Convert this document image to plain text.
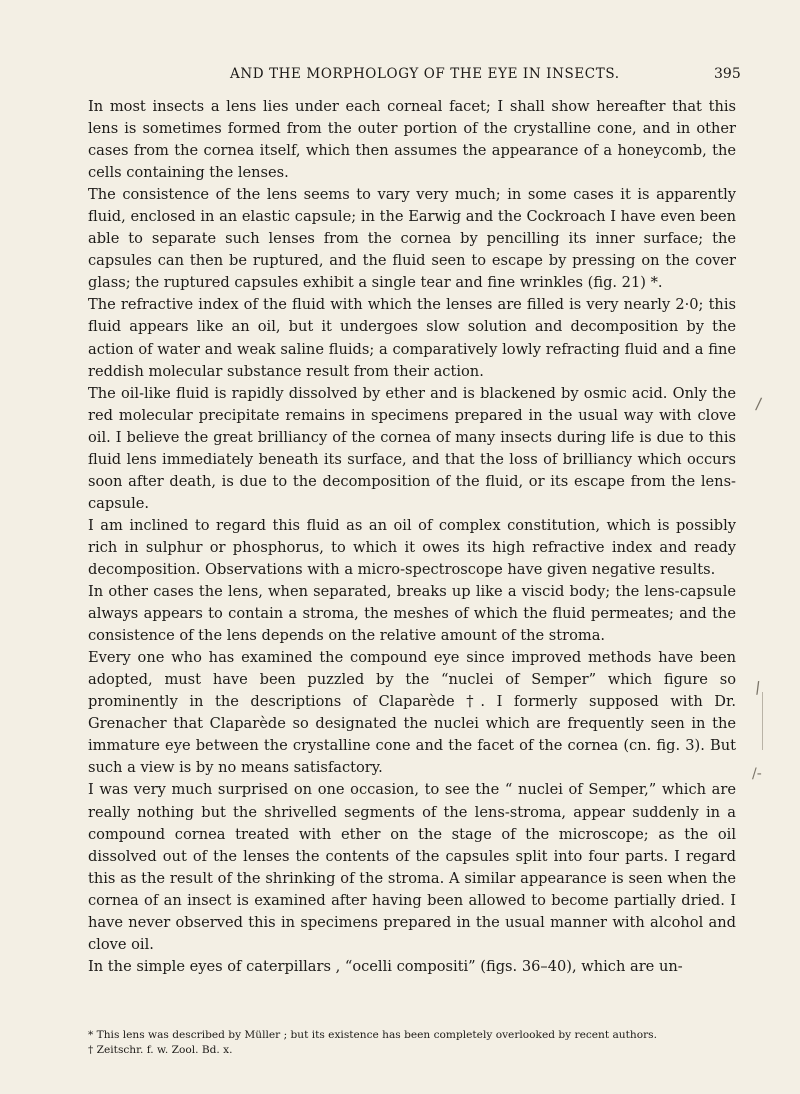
AND THE MORPHOLOGY OF THE EYE IN INSECTS.	395

In most insects a lens lies under each corneal facet; I shall show hereafter that this lens is sometimes formed from the outer portion of the crystalline cone, and in other cases from the cornea itself, which then assumes the appearance of a honeycomb, the cells containing the lenses.

The consistence of the lens seems to vary very much; in some cases it is apparently fluid, enclosed in an elastic capsule; in the Earwig and the Cockroach I have even been able to separate such lenses from the cornea by pencilling its inner surface; the capsules can then be ruptured, and the fluid seen to escape by pressing on the cover glass; the ruptured capsules exhibit a single tear and fine wrinkles (fig. 21) *.

The refractive index of the fluid with which the lenses are filled is very nearly 2·0; this fluid appears like an oil, but it undergoes slow solution and decomposition by the action of water and weak saline fluids; a comparatively lowly refracting fluid and a fine reddish molecular substance result from their action.

The oil-like fluid is rapidly dissolved by ether and is blackened by osmic acid. Only the red molecular precipitate remains in specimens prepared in the usual way with clove oil. I believe the great brilliancy of the cornea of many insects during life is due to this fluid lens immediately beneath its surface, and that the loss of brilliancy which occurs soon after death, is due to the decomposition of the fluid, or its escape from the lens-capsule.

I am inclined to regard this fluid as an oil of complex constitution, which is possibly rich in sulphur or phosphorus, to which it owes its high refractive index and ready decomposition. Observations with a micro-spectroscope have given negative results.

In other cases the lens, when separated, breaks up like a viscid body; the lens-capsule always appears to contain a stroma, the meshes of which the fluid permeates; and the consistence of the lens depends on the relative amount of the stroma.

Every one who has examined the compound eye since improved methods have been adopted, must have been puzzled by the “nuclei of Semper” which figure so prominently in the descriptions of Claparède †. I formerly supposed with Dr. Grenacher that Claparède so designated the nuclei which are frequently seen in the immature eye between the crystalline cone and the facet of the cornea (cn. fig. 3). But such a view is by no means satisfactory.

I was very much surprised on one occasion, to see the “ nuclei of Semper,” which are really nothing but the shrivelled segments of the lens-stroma, appear suddenly in a compound cornea treated with ether on the stage of the microscope; as the oil dissolved out of the lenses the contents of the capsules split into four parts. I regard this as the result of the shrinking of the stroma. A similar appearance is seen when the cornea of an insect is examined after having been allowed to become partially dried. I have never observed this in specimens prepared in the usual manner with alcohol and clove oil.

In the simple eyes of caterpillars , “ocelli compositi” (figs. 36–40), which are un-

* This lens was described by Müller ; but its existence has been completely overlooked by recent authors.

† Zeitschr. f. w. Zool. Bd. x.

/
/
/-
